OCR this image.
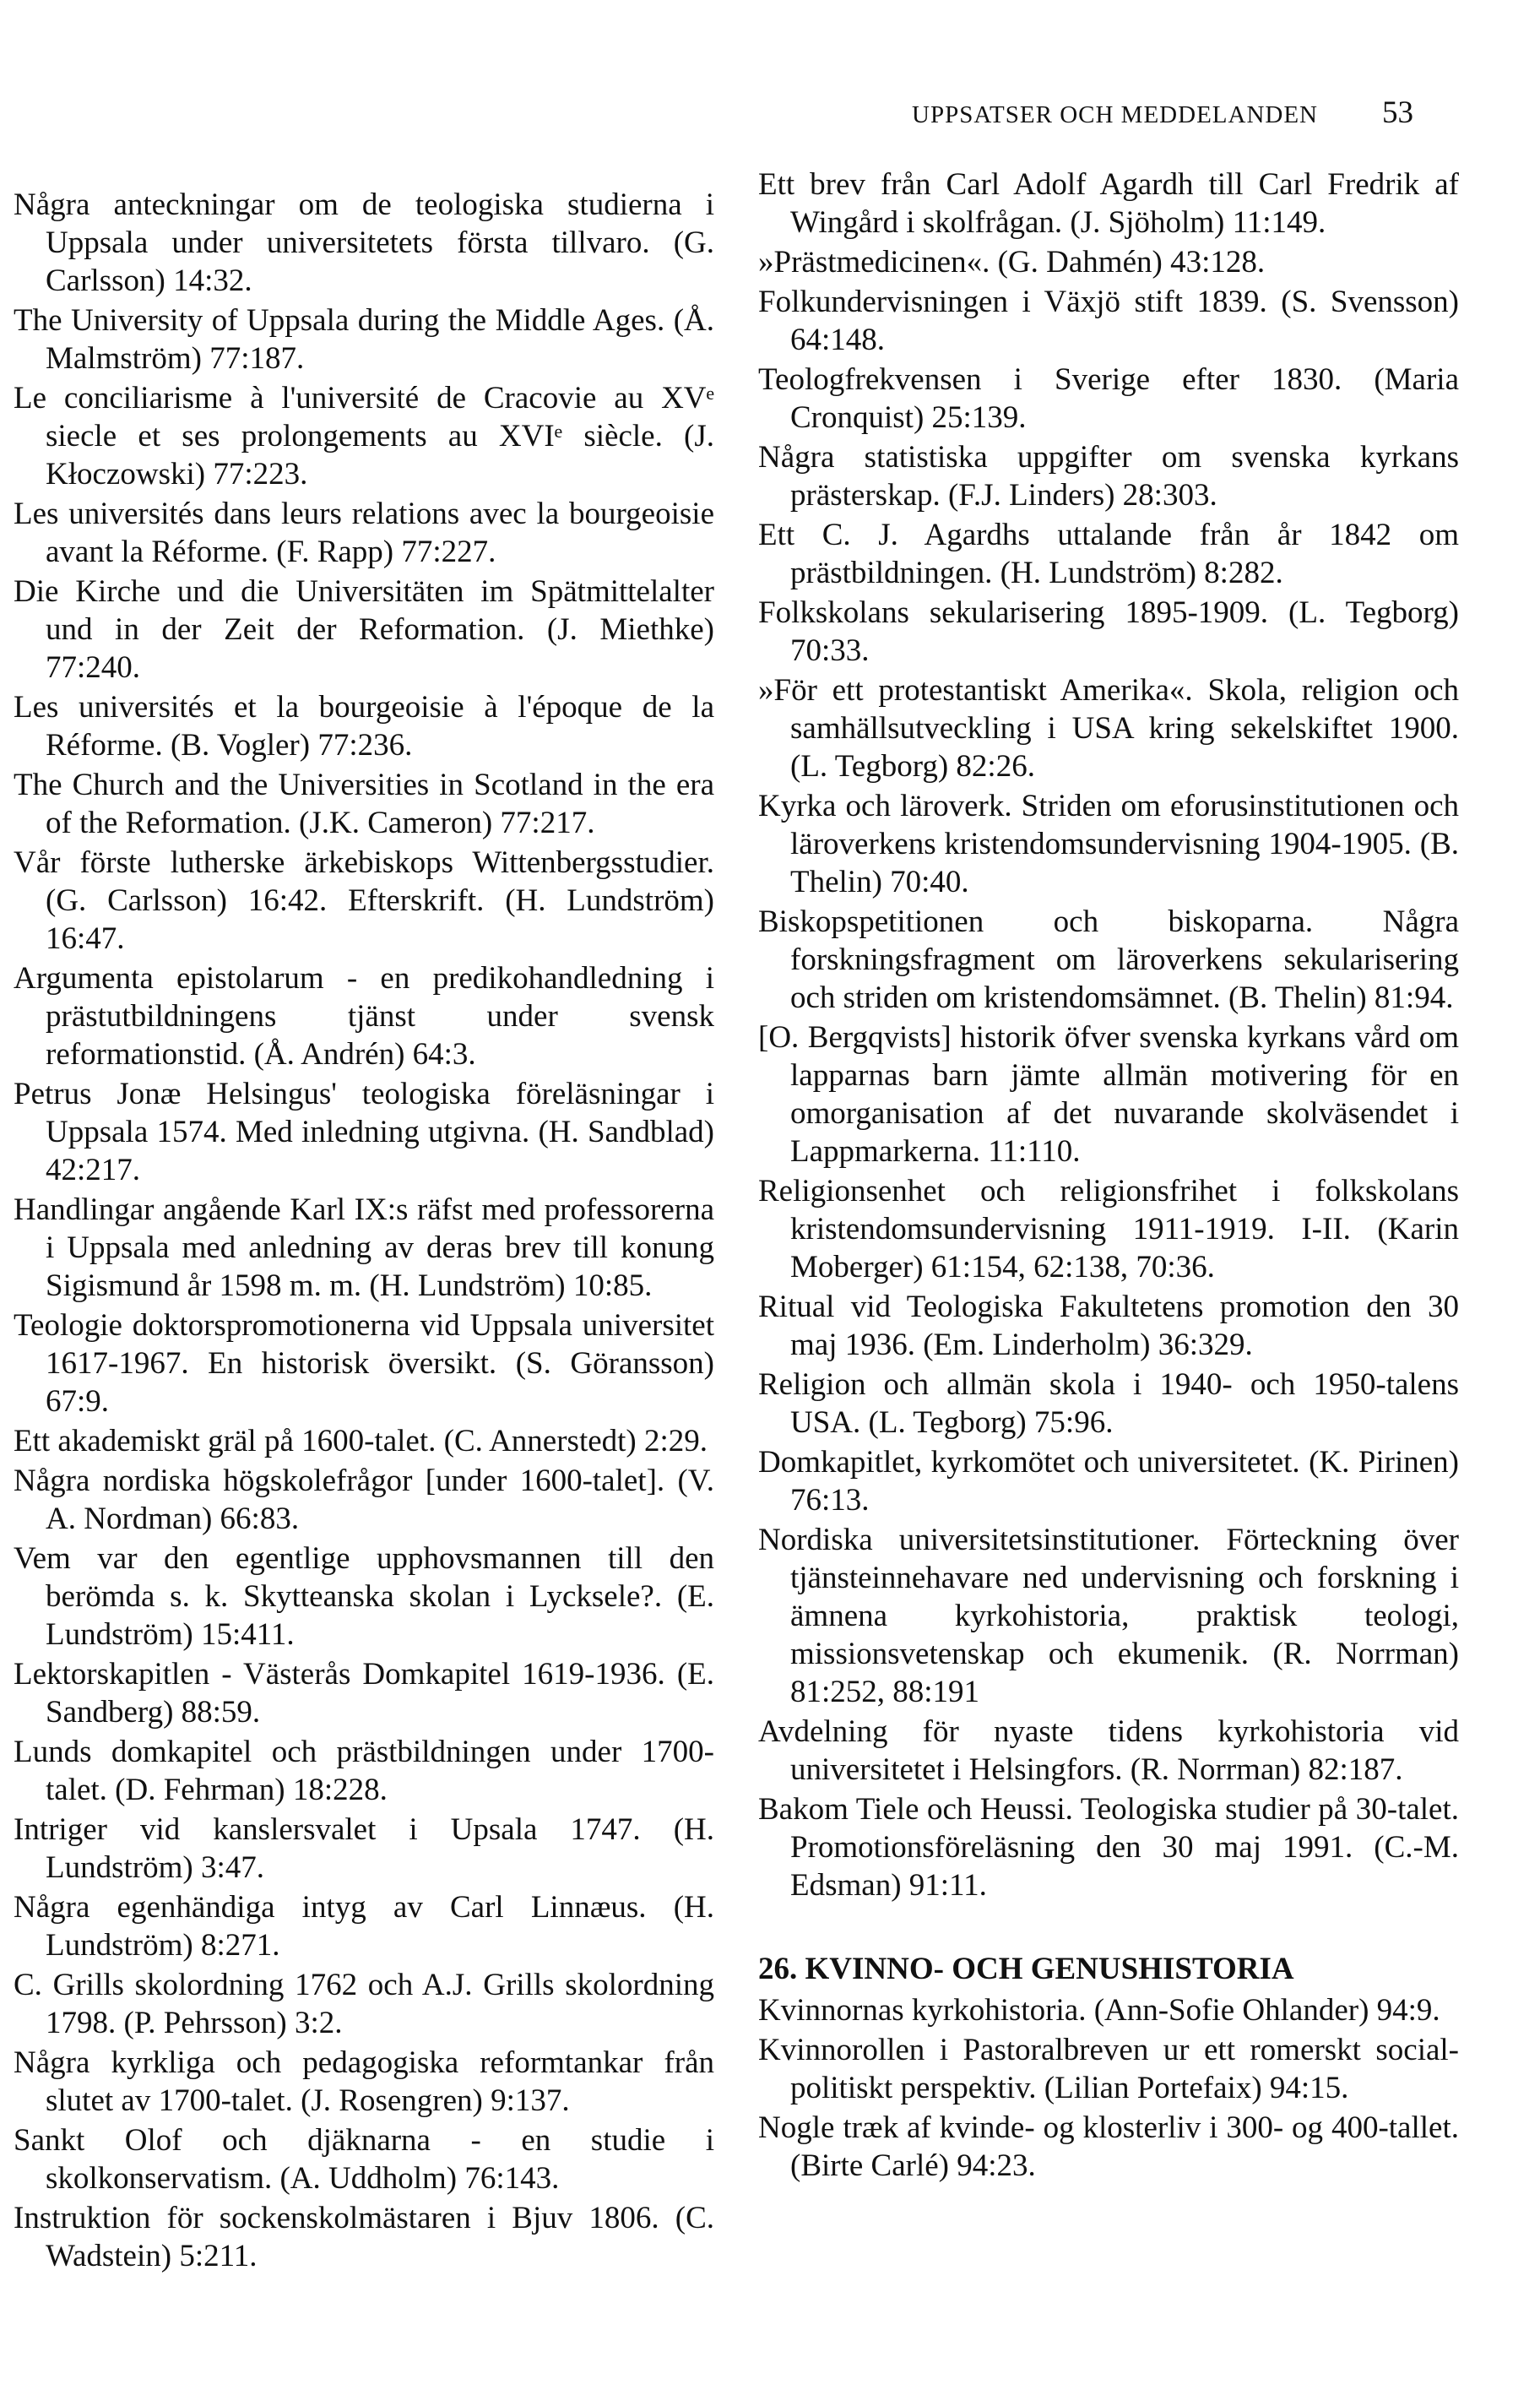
UPPSATSER OCH MEDDELANDEN 53

Några anteckningar om de teologiska studierna i Uppsala under universitetets första tillvaro. (G. Carlsson) 14:32.

The University of Uppsala during the Middle Ages. (Å. Malmström) 77:187.

Le conciliarisme à l'université de Cracovie au XVᵉ siecle et ses prolongements au XVIᵉ siècle. (J. Kłoczowski) 77:223.

Les universités dans leurs relations avec la bourgeoisie avant la Réforme. (F. Rapp) 77:227.

Die Kirche und die Universitäten im Spätmittelalter und in der Zeit der Reformation. (J. Miethke) 77:240.

Les universités et la bourgeoisie à l'époque de la Réforme. (B. Vogler) 77:236.

The Church and the Universities in Scotland in the era of the Reformation. (J.K. Cameron) 77:217.

Vår förste lutherske ärkebiskops Wittenbergsstudier. (G. Carlsson) 16:42. Efterskrift. (H. Lundström) 16:47.

Argumenta epistolarum - en predikohandledning i prästutbildningens tjänst under svensk reformationstid. (Å. Andrén) 64:3.

Petrus Jonæ Helsingus' teologiska föreläsningar i Uppsala 1574. Med inledning utgivna. (H. Sandblad) 42:217.

Handlingar angående Karl IX:s räfst med professorerna i Uppsala med anledning av deras brev till konung Sigismund år 1598 m. m. (H. Lundström) 10:85.

Teologie doktorspromotionerna vid Uppsala universitet 1617-1967. En historisk översikt. (S. Göransson) 67:9.

Ett akademiskt gräl på 1600-talet. (C. Annerstedt) 2:29.

Några nordiska högskolefrågor [under 1600-talet]. (V. A. Nordman) 66:83.

Vem var den egentlige upphovsmannen till den berömda s. k. Skytteanska skolan i Lycksele?. (E. Lundström) 15:411.

Lektorskapitlen - Västerås Domkapitel 1619-1936. (E. Sandberg) 88:59.

Lunds domkapitel och prästbildningen under 1700-talet. (D. Fehrman) 18:228.

Intriger vid kanslersvalet i Upsala 1747. (H. Lundström) 3:47.

Några egenhändiga intyg av Carl Linnæus. (H. Lundström) 8:271.

C. Grills skolordning 1762 och A.J. Grills skolordning 1798. (P. Pehrsson) 3:2.

Några kyrkliga och pedagogiska reformtankar från slutet av 1700-talet. (J. Rosengren) 9:137.

Sankt Olof och djäknarna - en studie i skolkonservatism. (A. Uddholm) 76:143.

Instruktion för sockenskolmästaren i Bjuv 1806. (C. Wadstein) 5:211.

Ett brev från Carl Adolf Agardh till Carl Fredrik af Wingård i skolfrågan. (J. Sjöholm) 11:149.

»Prästmedicinen«. (G. Dahmén) 43:128.

Folkundervisningen i Växjö stift 1839. (S. Svensson) 64:148.

Teologfrekvensen i Sverige efter 1830. (Maria Cronquist) 25:139.

Några statistiska uppgifter om svenska kyrkans prästerskap. (F.J. Linders) 28:303.

Ett C. J. Agardhs uttalande från år 1842 om prästbildningen. (H. Lundström) 8:282.

Folkskolans sekularisering 1895-1909. (L. Tegborg) 70:33.

»För ett protestantiskt Amerika«. Skola, religion och samhällsutveckling i USA kring sekelskiftet 1900. (L. Tegborg) 82:26.

Kyrka och läroverk. Striden om eforusinstitutionen och läroverkens kristendomsundervisning 1904-1905. (B. Thelin) 70:40.

Biskopspetitionen och biskoparna. Några forskningsfragment om läroverkens sekularisering och striden om kristendomsämnet. (B. Thelin) 81:94.

[O. Bergqvists] historik öfver svenska kyrkans vård om lapparnas barn jämte allmän motivering för en omorganisation af det nuvarande skolväsendet i Lappmarkerna. 11:110.

Religionsenhet och religionsfrihet i folkskolans kristendomsundervisning 1911-1919. I-II. (Karin Moberger) 61:154, 62:138, 70:36.

Ritual vid Teologiska Fakultetens promotion den 30 maj 1936. (Em. Linderholm) 36:329.

Religion och allmän skola i 1940- och 1950-talens USA. (L. Tegborg) 75:96.

Domkapitlet, kyrkomötet och universitetet. (K. Pirinen) 76:13.

Nordiska universitetsinstitutioner. Förteckning över tjänsteinnehavare ned undervisning och forskning i ämnena kyrkohistoria, praktisk teologi, missionsvetenskap och ekumenik. (R. Norrman) 81:252, 88:191

Avdelning för nyaste tidens kyrkohistoria vid universitetet i Helsingfors. (R. Norrman) 82:187.

Bakom Tiele och Heussi. Teologiska studier på 30-talet. Promotionsföreläsning den 30 maj 1991. (C.-M. Edsman) 91:11.

26. KVINNO- OCH GENUSHISTORIA

Kvinnornas kyrkohistoria. (Ann-Sofie Ohlander) 94:9.

Kvinnorollen i Pastoralbreven ur ett romerskt social-politiskt perspektiv. (Lilian Portefaix) 94:15.

Nogle træk af kvinde- og klosterliv i 300- og 400-tallet. (Birte Carlé) 94:23.
